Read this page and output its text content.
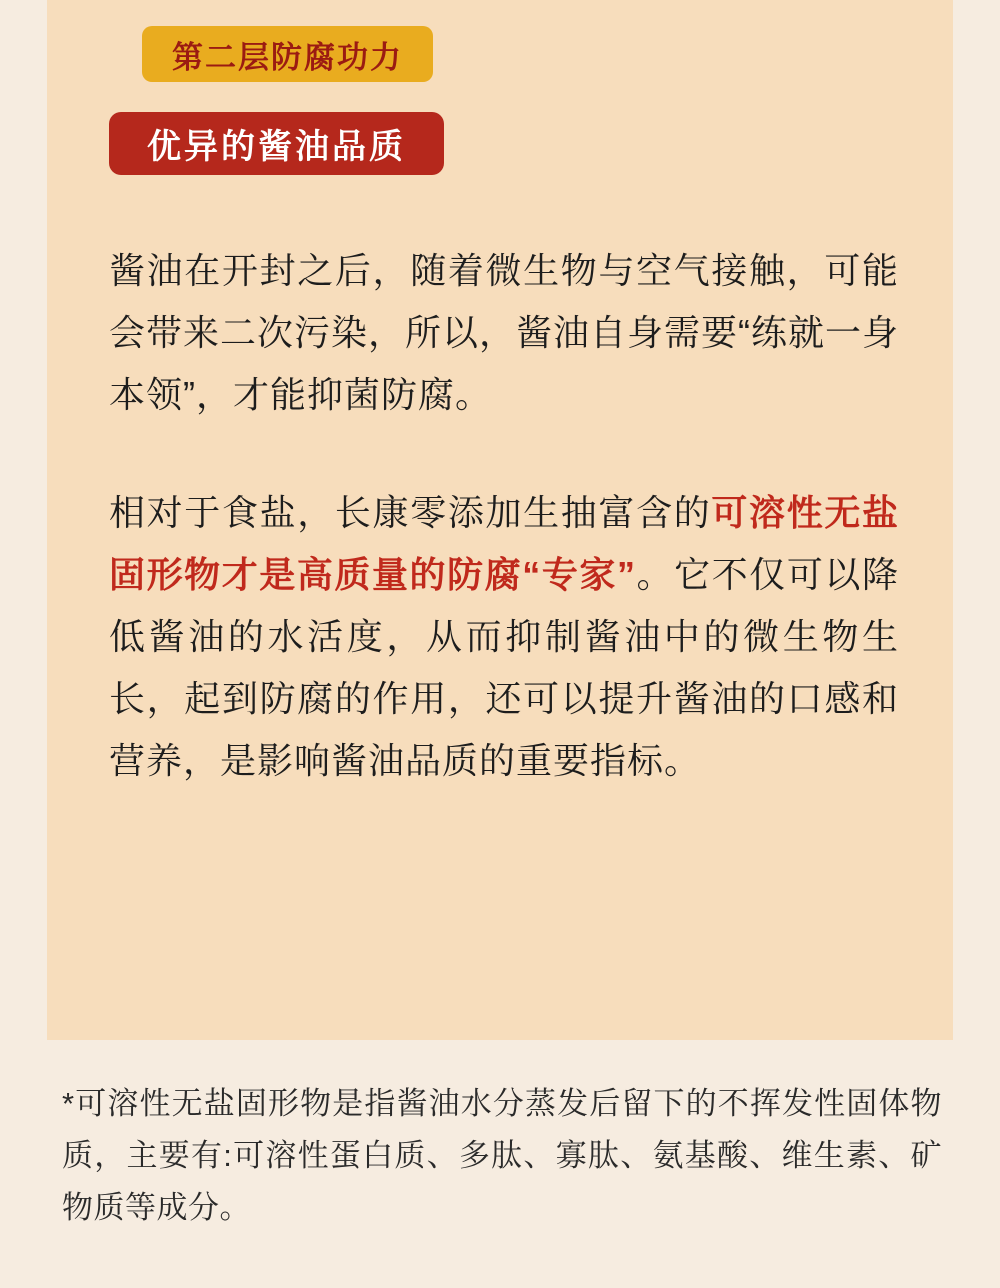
第二层防腐功力
优异的酱油品质

酱油在开封之后，随着微生物与空气接触，可能会带来二次污染，所以，酱油自身需要“练就一身本领”，才能抑菌防腐。

相对于食盐，长康零添加生抽富含的可溶性无盐固形物才是高质量的防腐“专家”。它不仅可以降低酱油的水活度，从而抑制酱油中的微生物生长，起到防腐的作用，还可以提升酱油的口感和营养，是影响酱油品质的重要指标。

*可溶性无盐固形物是指酱油水分蒸发后留下的不挥发性固体物质，主要有:可溶性蛋白质、多肽、寡肽、氨基酸、维生素、矿物质等成分。
